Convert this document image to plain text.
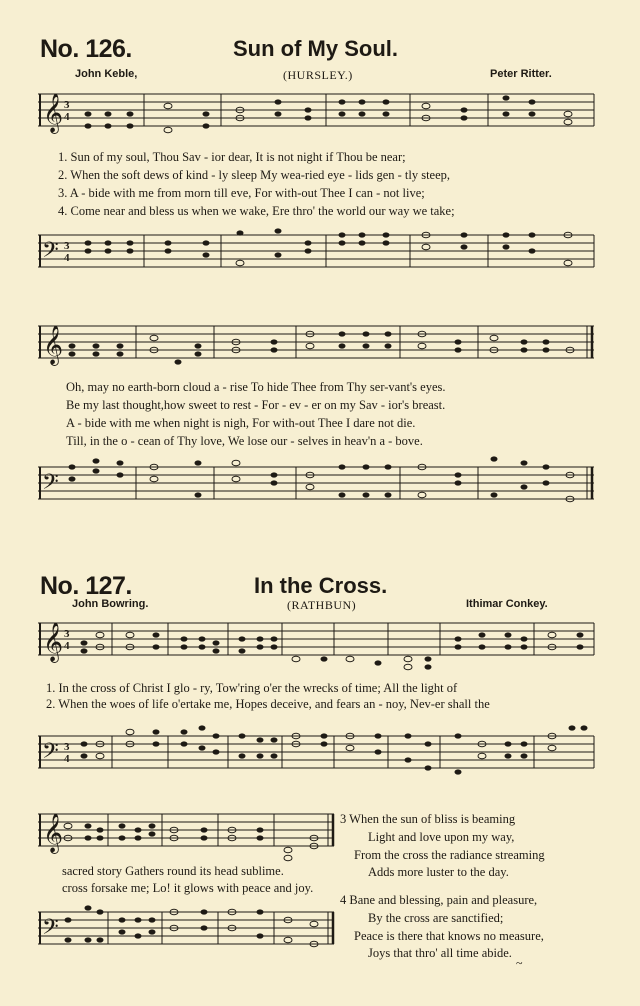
No. 126.	Sun of My Soul.
John Keble,	(HURSLEY.)	Peter Ritter.
𝄞 3
4
1. Sun of my soul, Thou Sav - ior dear, It is not night if Thou be near;
2. When the soft dews of kind - ly sleep My wea-ried eye - lids gen - tly steep,
3. A - bide with me from morn till eve, For with-out Thee I can - not live;
4. Come near and bless us when we wake, Ere thro' the world our way we take;
𝄢 3
4
𝄞
Oh, may no earth-born cloud a - rise To hide Thee from Thy ser-vant's eyes.
Be my last thought,how sweet to rest - For - ev - er on my Sav - ior's breast.
A - bide with me when night is nigh, For with-out Thee I dare not die.
Till, in the o - cean of Thy love, We lose our - selves in heav'n a - bove.
𝄢
No. 127.	In the Cross.
John Bowring.	(RATHBUN)	Ithimar Conkey.
𝄞 3
4
1. In the cross of Christ I glo - ry, Tow'ring o'er the wrecks of time; All the light of
2. When the woes of life o'ertake me, Hopes deceive, and fears an - noy, Nev-er shall the
𝄢 3
4
𝄞
sacred story Gathers round its head sublime.
cross forsake me; Lo! it glows with peace and joy.
𝄢
3 When the sun of bliss is beaming
Light and love upon my way,
From the cross the radiance streaming
Adds more luster to the day.
4 Bane and blessing, pain and pleasure,
By the cross are sanctified;
Peace is there that knows no measure,
Joys that thro' all time abide.
~
